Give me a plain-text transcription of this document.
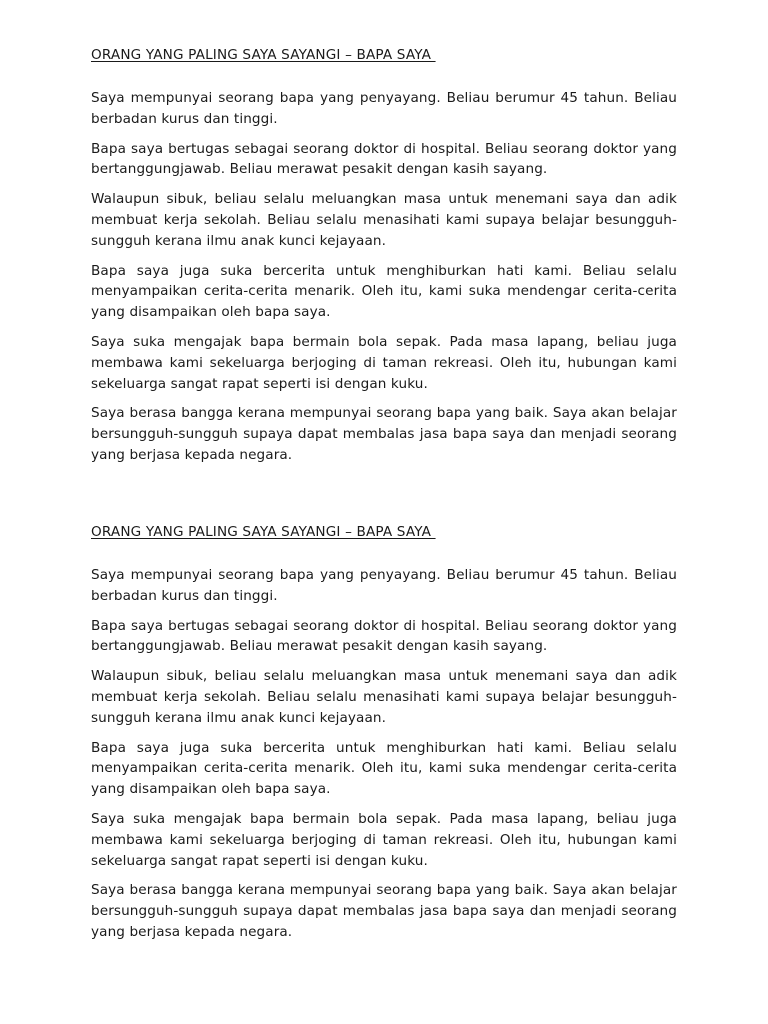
ORANG YANG PALING SAYA SAYANGI – BAPA SAYA

Saya mempunyai seorang bapa yang penyayang. Beliau berumur 45 tahun. Beliau berbadan kurus dan tinggi.

Bapa saya bertugas sebagai seorang doktor di hospital. Beliau seorang doktor yang bertanggungjawab. Beliau merawat pesakit dengan kasih sayang.

Walaupun sibuk, beliau selalu meluangkan masa untuk menemani saya dan adik membuat kerja sekolah. Beliau selalu menasihati kami supaya belajar besungguh-sungguh kerana ilmu anak kunci kejayaan.

Bapa saya juga suka bercerita untuk menghiburkan hati kami. Beliau selalu menyampaikan cerita-cerita menarik. Oleh itu, kami suka mendengar cerita-cerita yang disampaikan oleh bapa saya.

Saya suka mengajak bapa bermain bola sepak. Pada masa lapang, beliau juga membawa kami sekeluarga berjoging di taman rekreasi. Oleh itu, hubungan kami sekeluarga sangat rapat seperti isi dengan kuku.

Saya berasa bangga kerana mempunyai seorang bapa yang baik. Saya akan belajar bersungguh-sungguh supaya dapat membalas jasa bapa saya dan menjadi seorang yang berjasa kepada negara.

ORANG YANG PALING SAYA SAYANGI – BAPA SAYA

Saya mempunyai seorang bapa yang penyayang. Beliau berumur 45 tahun. Beliau berbadan kurus dan tinggi.

Bapa saya bertugas sebagai seorang doktor di hospital. Beliau seorang doktor yang bertanggungjawab. Beliau merawat pesakit dengan kasih sayang.

Walaupun sibuk, beliau selalu meluangkan masa untuk menemani saya dan adik membuat kerja sekolah. Beliau selalu menasihati kami supaya belajar besungguh-sungguh kerana ilmu anak kunci kejayaan.

Bapa saya juga suka bercerita untuk menghiburkan hati kami. Beliau selalu menyampaikan cerita-cerita menarik. Oleh itu, kami suka mendengar cerita-cerita yang disampaikan oleh bapa saya.

Saya suka mengajak bapa bermain bola sepak. Pada masa lapang, beliau juga membawa kami sekeluarga berjoging di taman rekreasi. Oleh itu, hubungan kami sekeluarga sangat rapat seperti isi dengan kuku.

Saya berasa bangga kerana mempunyai seorang bapa yang baik. Saya akan belajar bersungguh-sungguh supaya dapat membalas jasa bapa saya dan menjadi seorang yang berjasa kepada negara.
